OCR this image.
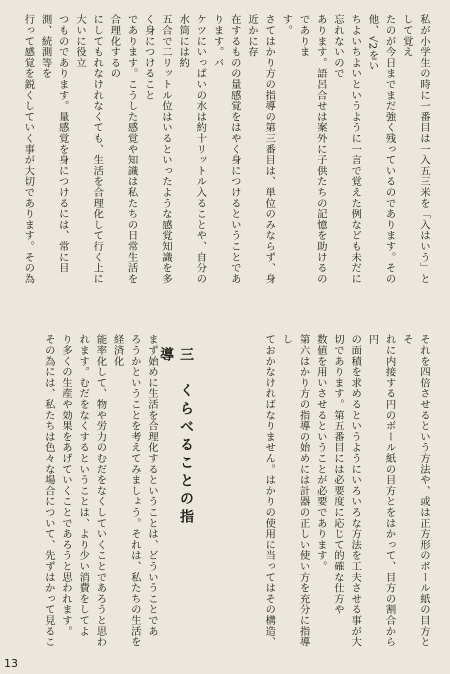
私が小学生の時に一番目は一入五三米を「入はいう」として覚え
たのが今日までまだ強く残っているのであります。その他、√2をい
ちよいちよいというように一言で覚えた例なども未だに忘れないので
あります。語呂合せは案外に子供たちの記憶を助けるのでありま
す。
さてはかり方の指導の第三番目は、単位のみならず、身近かに存
在するものの量感覚をはやく身につけるということであります。バ
ケツにいっぱいの水は約十リットル入ることや、自分の水筒には約
五合で二リットル位はいるといったような感覚知識を多く身につけること
であります。こうした感覚や知識は私たちの日常生活を合理化するの
にしてもれなけれなくても、生活を合理化して行く上に大いに役立
つものであります。量感覚を身につけるには、常に目測、続測等を
行って感覚を鋭くしていく事が大切であります。その為

それを四倍させるという方法や、或は正方形のボール紙の目方とそ
れに内接する円のボール紙の目方とをはかって、目方の割合から円
の面積を求めるというようにいろいろな方法を工夫させる事が大
切であります。第五番目には必要度に応じて的確な仕方や
数値を用いさせるということが必要であります。
第六はかり方の指導の始めには計器の正しい使い方を充分に指導し
ておかなければなりません。はかりの使用に当ってはその構造、

三　くらべることの指導
まず始めに生活を合理化するということは、どういうことであ
ろうかということを考えてみましょう。それは、私たちの生活を経済化
能率化して、物や労力のむだをなくしていくことであろうと思わ
れます。むだをなくするということは、より少い消費をしてよ
り多くの生産や効果をあげていくことであろうと思われます。
その為には、私たちは色々な場合について、先ずはかって見るこ
13
